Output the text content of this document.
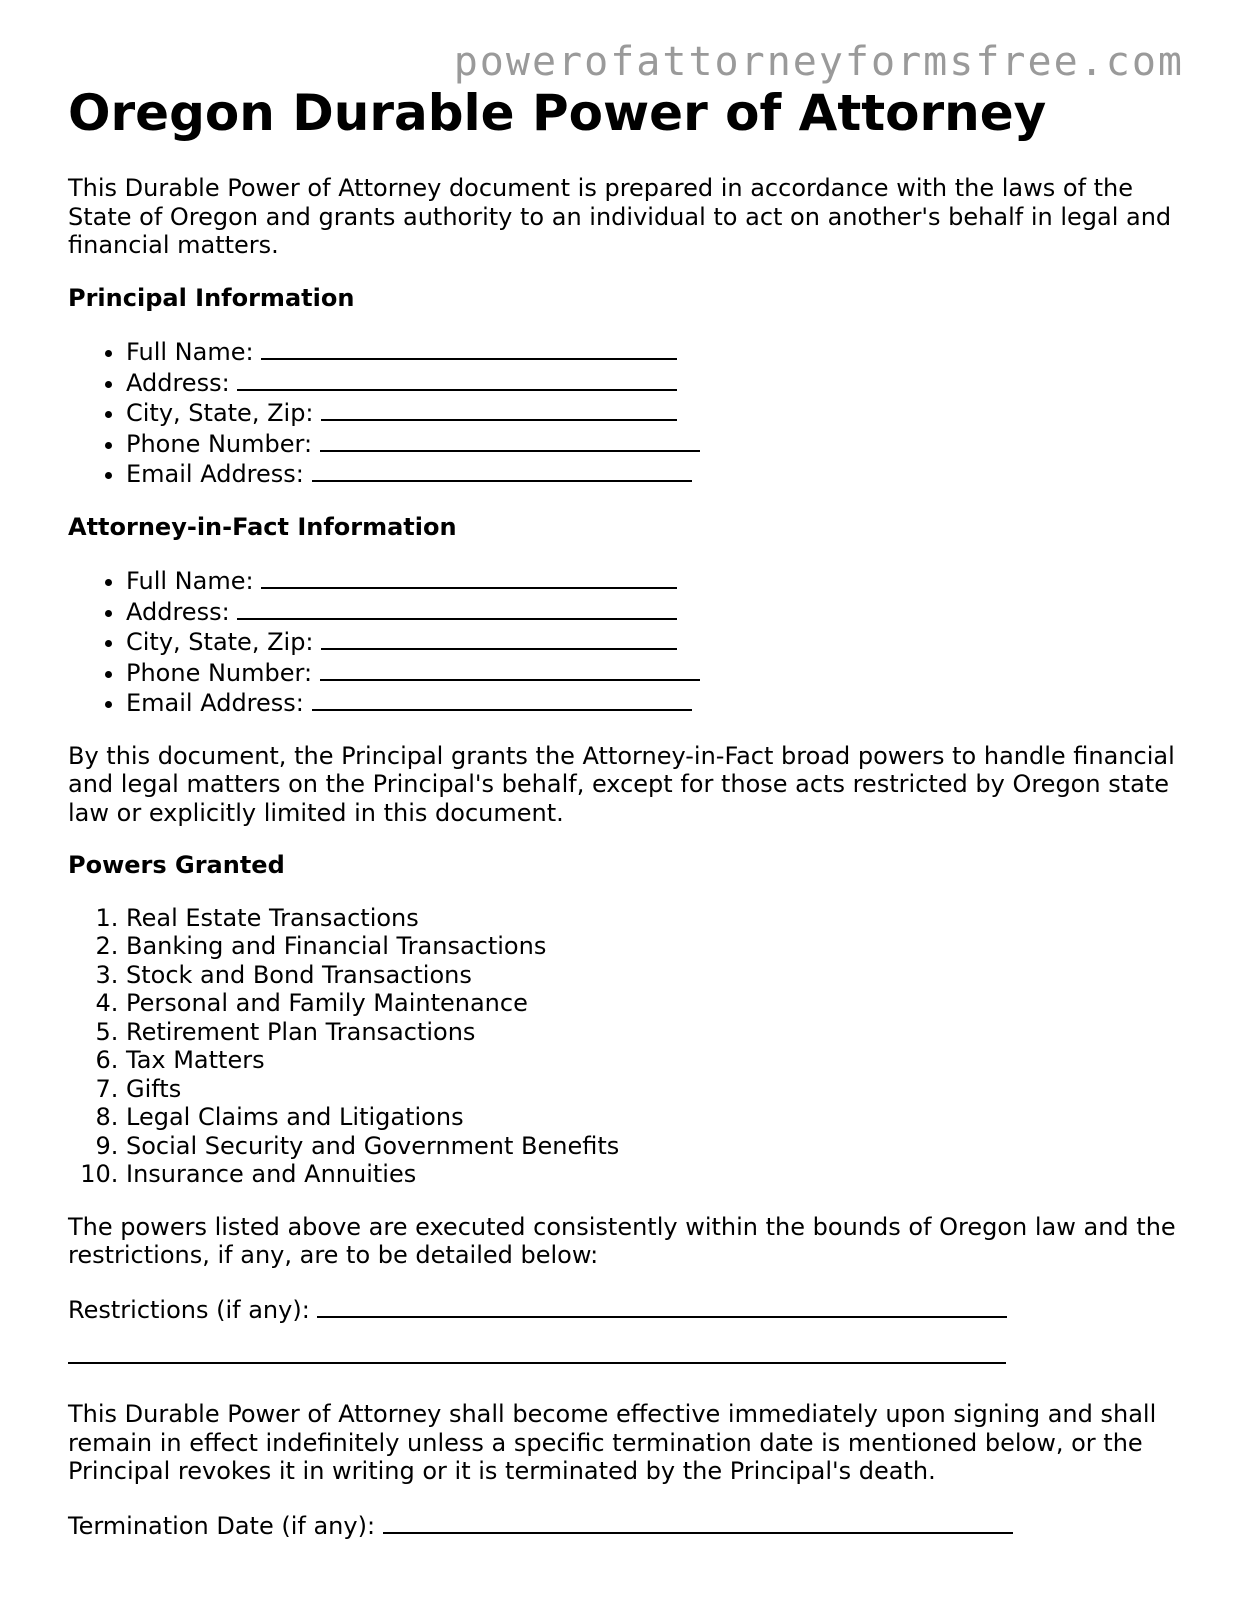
powerofattorneyformsfree.com
Oregon Durable Power of Attorney

This Durable Power of Attorney document is prepared in accordance with the laws of the State of Oregon and grants authority to an individual to act on another's behalf in legal and financial matters.

Principal Information
• Full Name:
• Address:
• City, State, Zip:
• Phone Number:
• Email Address:
Attorney-in-Fact Information
• Full Name:
• Address:
• City, State, Zip:
• Phone Number:
• Email Address:

By this document, the Principal grants the Attorney-in-Fact broad powers to handle financial and legal matters on the Principal's behalf, except for those acts restricted by Oregon state law or explicitly limited in this document.

Powers Granted
1. Real Estate Transactions
2. Banking and Financial Transactions
3. Stock and Bond Transactions
4. Personal and Family Maintenance
5. Retirement Plan Transactions
6. Tax Matters
7. Gifts
8. Legal Claims and Litigations
9. Social Security and Government Benefits
10. Insurance and Annuities

The powers listed above are executed consistently within the bounds of Oregon law and the restrictions, if any, are to be detailed below:

Restrictions (if any):

This Durable Power of Attorney shall become effective immediately upon signing and shall remain in effect indefinitely unless a specific termination date is mentioned below, or the Principal revokes it in writing or it is terminated by the Principal's death.

Termination Date (if any):
